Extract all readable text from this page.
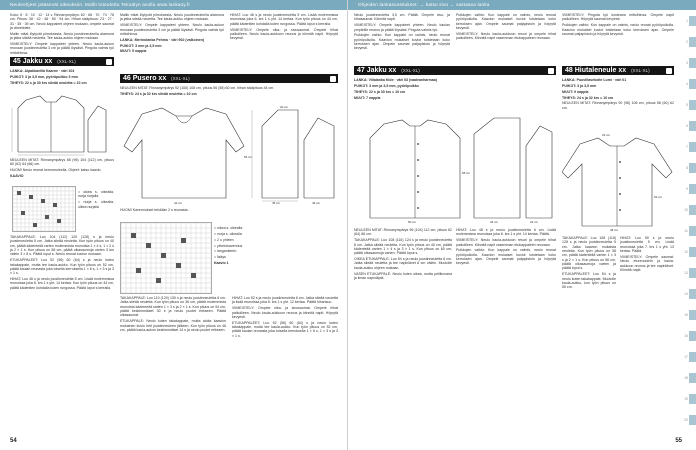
Neuleohjeet pääsevät oikeuksiin. Mallit toteutettu Tekoälyn avulla www.lankaoy.fi

Koko: 6 · 8 · 10 · 12 · 14 v. Rinnanympärys: 62 · 66 · 70 · 74 · 78 cm. Pituus: 38 · 42 · 46 · 50 · 54 cm. Hihan sisäpituus: 23 · 27 · 31 · 35 · 39 cm. Neulo kappaleet ohjeen mukaan, ompele saumat ja viimeistele.

Mallin mitat löytyvät piirroksesta. Neulo joustinneuleella alareuna ja jatka sileää neuletta. Tee kaula-aukko ohjeen mukaan.

VIIMEISTELY: Ompele kappaleet yhteen. Neulo kaula-aukon reunaan joustinneuletta 3 cm ja päätä löysästi. Pingota valmis työ mittoihinsa.

45 Jakku xx (XXL-XL)

LANKA: Alpakkavilla Kaarne · väri 104

PUIKOT: 3 ja 3,5 mm, pyöröpuikko 3 mm

TIHEYS: 22 s ja 30 krs sileää neuletta = 10 cm

NEULEEN MITAT: Rinnanympärys 88 (96) 104 (112) cm, pituus 60 (62) 64 (66) cm.

HUOM! Neulo reunat kerroneuleella. Ohjeet: katso kaavio.

KAAVIO

= oikea s. oikealla, nurja nurjalla

= nurja s. oikealla, oikea nurjalla

TAKAKAPPALE: Luo 104 (112) 120 (128) s ja neulo joustinneuletta 5 cm. Jatka sileää neuletta. Kun työn pituus on 40 cm, päätä kädenteitä varten molemmista reunoista 1 × 4 s, 1 × 2 s ja 2 × 1 s. Kun pituus on 58 cm, päätä olkasaumoja varten 3 krs välein 3 × 8 s. Päätä loput s. Neulo reunat kuvion mukaan.

ETUKAPPALEET: Luo 52 (56) 60 (64) s ja neulo kuten takakappale, mutta tee kaula-aukko. Kun työn pituus on 52 cm, päätä kaulan reunasta joka toisella kerroksella 1 × 6 s, 1 × 3 s ja 3 × 1 s.

HIHAT: Luo 46 s ja neulo joustinneuletta 5 cm. Lisää molemmissa reunoissa joka 6. krs 1 s yht. 14 kertaa. Kun työn pituus on 44 cm, päätä kädentien kohdalla kuten rungossa. Päätä loput s kerralla.

Mallin mitat löytyvät piirroksesta. Neulo joustinneuleella alareuna ja jatka sileää neuletta. Tee kaula-aukko ohjeen mukaan.

VIIMEISTELY: Ompele kappaleet yhteen. Neulo kaula-aukon reunaan joustinneuletta 3 cm ja päätä löysästi. Pingota valmis työ mittoihinsa.

LANKA: Merinolanka Pehmo · väri 902 (valkoinen)

PUIKOT: 3 mm ja 3,5 mm

MUUT: 5 nappia

46 Pusero xx (XXL-XL)

NEULEEN MITAT: Rinnanympärys 92 (100) 108 cm, pituus 56 (58) 60 cm, hihan sisäpituus 44 cm.

TIHEYS: 24 s ja 32 krs sileää neuletta = 10 cm

HIHAT: Luo 46 s ja neulo joustinneuletta 5 cm. Lisää molemmissa reunoissa joka 6. krs 1 s yht. 14 kertaa. Kun työn pituus on 44 cm, päätä kädentien kohdalla kuten rungossa. Päätä loput s kerralla.

VIIMEISTELY: Ompele olka- ja sivusaumat. Ompele hihat paikoilleen. Neulo kaula-aukkoon reunus ja kiinnitä napit. Höyrytä kevyesti.

56 cm
45 cm
20 cm
42 cm	46 cm

HUOM! Kavennukset tehdään 2 s reunasta.

= oikea s. oikealla

= nurja s. oikealla

= 2 o yhteen

= ylivetokavennus

= langankierto

= lisäys

Kaavio 1

TAKAKAPPALE: Luo 110 (120) 130 s ja neulo joustinneuletta 6 cm. Jatka sileää neuletta. Kun työn pituus on 36 cm, päätä molemmista reunoista kädenteitä varten 1 × 3 s ja 2 × 1 s. Kun pituus on 54 cm, päätä keskimmäiset 30 s ja neulo puolet erikseen. Päätä olkasaumat.

ETUKAPPALE: Neulo kuten takakappale, mutta aloita kaavion mukainen kuvio heti joustinneuleen jälkeen. Kun työn pituus on 46 cm, päätä kaula-aukon keskimmäiset 14 s ja neulo puolet erikseen.

HIHAT: Luo 52 s ja neulo joustinneuletta 6 cm. Jatka sileää neuletta ja lisää reunoissa joka 8. krs 1 s yht. 12 kertaa. Päätä hihansuu.

VIIMEISTELY: Ompele olka- ja sivusaumat. Ompele hihat paikoilleen. Neulo kaula-aukkoon reunus ja kiinnitä napit. Höyrytä kevyesti.

ETUKAPPALEET: Luo 52 (56) 60 (64) s ja neulo kuten takakappale, mutta tee kaula-aukko. Kun työn pituus on 52 cm, päätä kaulan reunasta joka toisella kerroksella 1 × 6 s, 1 × 3 s ja 3 × 1 s.

54
Ohjeiden lankasuositukset: → katso sivu → vastaava lanka

Neulo joustinneuletta 3,5 cm. Päätä. Ompele sivu- ja hihasaumat. Kiinnitä napit.

VIIMEISTELY: Ompele kappaleet yhteen. Neulo kaulan ympärille reunus ja päätä löysästi. Pingota valmis työ.

Puikkojen vaihto: Kun kappale on valmis, neulo reunat pyöröpuikolla. Kaavion mukaiset kuviot toistetaan koko kerroksen ajan. Ompele saumat patjapistoin ja höyrytä kevyesti.

Puikkojen vaihto: Kun kappale on valmis, neulo reunat pyöröpuikolla. Kaavion mukaiset kuviot toistetaan koko kerroksen ajan. Ompele saumat patjapistoin ja höyrytä kevyesti.

VIIMEISTELY: Neulo kaula-aukkoon resori ja ompele hihat paikoilleen. Kiinnitä napit vasemman etukappaleen reunaan.

47 Jakku xx (XXL-XL)

LANKA: Villalanka Kide · väri 03 (vaaleanharmaa)

PUIKOT: 3 mm ja 3,5 mm, pyöröpuikko

TIHEYS: 22 s ja 30 krs = 10 cm

MUUT: 7 nappia

58 cm
50 cm	46 cm	22 cm

NEULEEN MITAT: Rinnanympärys 96 (104) 112 cm, pituus 62 (64) 66 cm.

TAKAKAPPALE: Luo 108 (116) 124 s ja neulo joustinneuletta 6 cm. Jatka sileää neuletta. Kun työn pituus on 40 cm, päätä kädenteitä varten 1 × 4 s ja 3 × 1 s. Kun pituus on 60 cm, päätä olkasaumoja varten. Päätä loput s.

OIKEA ETUKAPPALE: Luo 54 s ja neulo joustinneuletta 6 cm. Jatka sileää neuletta ja tee napinlävet 8 cm välein. Muotoile kaula-aukko ohjeen mukaan.

VASEN ETUKAPPALE: Neulo kuten oikea, mutta peilikuvana ja ilman napinläpiä.

HIHAT: Luo 48 s ja neulo joustinneuletta 6 cm. Lisää molemmissa reunoissa joka 6. krs 1 s yht. 14 kertaa. Päätä.

VIIMEISTELY: Neulo kaula-aukkoon resori ja ompele hihat paikoilleen. Kiinnitä napit vasemman etukappaleen reunaan.

Puikkojen vaihto: Kun kappale on valmis, neulo reunat pyöröpuikolla. Kaavion mukaiset kuviot toistetaan koko kerroksen ajan. Ompele saumat patjapistoin ja höyrytä kevyesti.

VIIMEISTELY: Pingota työ kosteana mittoihinsa. Ompele napit paikoilleen. Höyrytä saumat kevyesti.

Puikkojen vaihto: Kun kappale on valmis, neulo reunat pyöröpuikolla. Kaavion mukaiset kuviot toistetaan koko kerroksen ajan. Ompele saumat patjapistoin ja höyrytä kevyesti.

48 Hiutaleneule xx (XXL-XL)

LANKA: Puuvillasekoite Lumi · väri 01

PUIKOT: 3 ja 3,5 mm

MUUT: 9 nappia

TIHEYS: 24 s ja 32 krs = 10 cm

NEULEEN MITAT: Rinnanympärys 90 (98) 106 cm, pituus 58 (60) 62 cm.

62 cm
48 cm
23 cm

TAKAKAPPALE: Luo 108 (118) 128 s ja neulo joustinneuletta 5 cm. Jatka kaavion mukaista neuletta. Kun työn pituus on 38 cm, päätä kädenteitä varten 1 × 3 s ja 2 × 1 s. Kun pituus on 56 cm, päätä olkasaumoja varten ja päätä loput s.

ETUKAPPALEET: Luo 54 s ja neulo kuten takakappale. Muotoile kaula-aukko, kun työn pituus on 50 cm.

HIHAT: Luo 50 s ja neulo joustinneuletta 5 cm. Lisää reunoissa joka 7. krs 1 s yht. 13 kertaa. Päätä.

VIIMEISTELY: Ompele saumat. Neulo etureunoihin ja kaula-aukkoon reunus ja tee napinlävet. Kiinnitä napit.

1
2
3
4
5
6
7
8
9
10
11
12
13
14
15
16
17
18
19
20
55
